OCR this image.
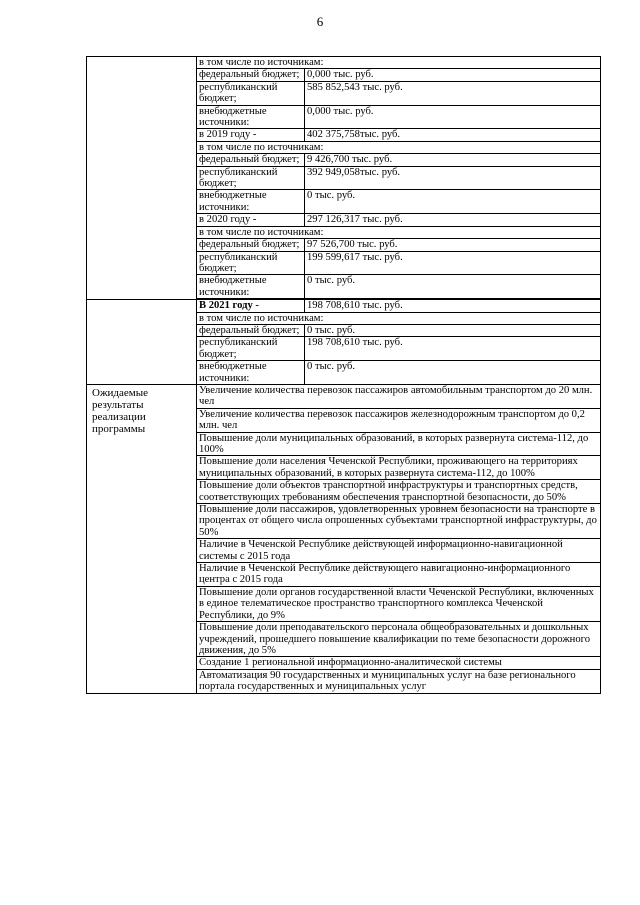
6
	в том числе по источникам:	
	федеральный бюджет;	0,000 тыс. руб.
	республиканский бюджет;	585 852,543 тыс. руб.
	внебюджетные источники:	0,000 тыс. руб.
	в 2019 году -	402 375,758тыс. руб.
	в том числе по источникам:	
	федеральный бюджет;	9 426,700 тыс. руб.
	республиканский бюджет;	392 949,058тыс. руб.
	внебюджетные источники:	0 тыс. руб.
	в 2020 году -	297 126,317 тыс. руб.
	в том числе по источникам:	
	федеральный бюджет;	97 526,700 тыс. руб.
	республиканский бюджет;	199 599,617 тыс. руб.
	внебюджетные источники:	0 тыс. руб.

	В 2021 году -	198 708,610 тыс. руб.
	в том числе по источникам:	
	федеральный бюджет;	0 тыс. руб.
	республиканский бюджет;	198 708,610 тыс. руб.
	внебюджетные источники:	0 тыс. руб.
Ожидаемые результаты реализации программы	Увеличение количества перевозок пассажиров автомобильным транспортом до 20 млн. чел	
	Увеличение количества перевозок пассажиров железнодорожным транспортом до 0,2 млн. чел	
	Повышение доли муниципальных образований, в которых развернута система-112, до 100%	
	Повышение доли населения Чеченской Республики, проживающего на территориях муниципальных образований, в которых развернута система-112, до 100%	
	Повышение доли объектов транспортной инфраструктуры и транспортных средств, соответствующих требованиям обеспечения транспортной безопасности, до 50%	
	Повышение доли пассажиров, удовлетворенных уровнем безопасности на транспорте в процентах от общего числа опрошенных субъектами транспортной инфраструктуры, до 50%	
	Наличие в Чеченской Республике действующей информационно-навигационной системы с 2015 года	
	Наличие в Чеченской Республике действующего навигационно-информационного центра с 2015 года	
	Повышение доли органов государственной власти Чеченской Республики, включенных в единое телематическое пространство транспортного комплекса Чеченской Республики, до 9%	
	Повышение доли преподавательского персонала общеобразовательных и дошкольных учреждений, прошедшего повышение квалификации по теме безопасности дорожного движения, до 5%	
	Создание 1 региональной информационно-аналитической системы	
	Автоматизация 90 государственных и муниципальных услуг на базе регионального портала государственных и муниципальных услуг	
